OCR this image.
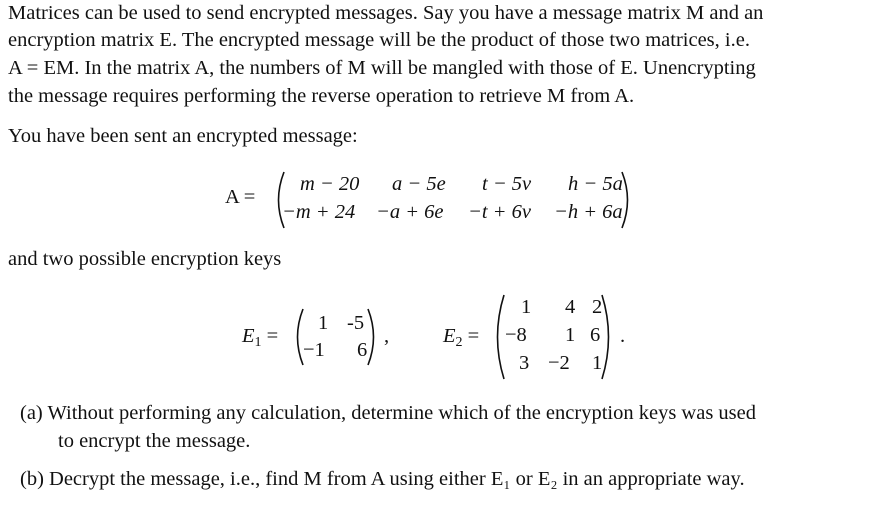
Matrices can be used to send encrypted messages. Say you have a message matrix M and an
encryption matrix E. The encrypted message will be the product of those two matrices, i.e.
A = EM. In the matrix A, the numbers of M will be mangled with those of E. Unencrypting
the message requires performing the reverse operation to retrieve M from A.
You have been sent an encrypted message:
A =
m − 20 a − 5e t − 5v h − 5a
−m + 24 −a + 6e −t + 6v −h + 6a
and two possible encryption keys
$E_1$ =
1 -5
−1 6
,	$E_2$ =
1 4 2
−8 1 6
3 −2 1
.
(a) Without performing any calculation, determine which of the encryption keys was used
to encrypt the message.
(b) Decrypt the message, i.e., find M from A using either E₁ or E₂ in an appropriate way.
